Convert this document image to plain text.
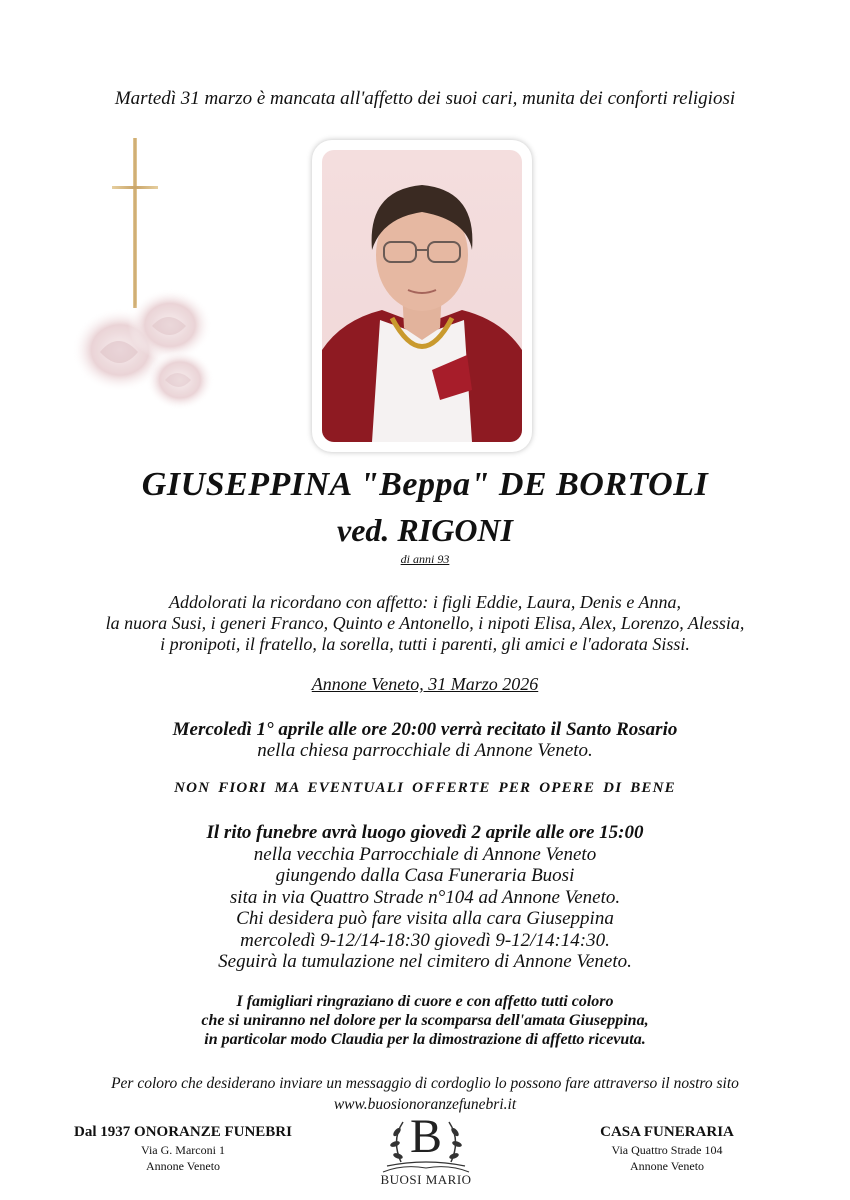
Martedì 31 marzo è mancata all'affetto dei suoi cari, munita dei conforti religiosi
GIUSEPPINA "Beppa" DE BORTOLI
ved. RIGONI
di anni 93
Addolorati la ricordano con affetto: i figli Eddie, Laura, Denis e Anna,
la nuora Susi, i generi Franco, Quinto e Antonello, i nipoti Elisa, Alex, Lorenzo, Alessia,
i pronipoti, il fratello, la sorella, tutti i parenti, gli amici e l'adorata Sissi.
Annone Veneto, 31 Marzo 2026
Mercoledì 1° aprile alle ore 20:00 verrà recitato il Santo Rosario
nella chiesa parrocchiale di Annone Veneto.
NON FIORI MA EVENTUALI OFFERTE PER OPERE DI BENE
Il rito funebre avrà luogo giovedì 2 aprile alle ore 15:00
nella vecchia Parrocchiale di Annone Veneto
giungendo dalla Casa Funeraria Buosi
sita in via Quattro Strade n°104 ad Annone Veneto.
Chi desidera può fare visita alla cara Giuseppina
mercoledì 9-12/14-18:30 giovedì 9-12/14:14:30.
Seguirà la tumulazione nel cimitero di Annone Veneto.
I famigliari ringraziano di cuore e con affetto tutti coloro
che si uniranno nel dolore per la scomparsa dell'amata Giuseppina,
in particolar modo Claudia per la dimostrazione di affetto ricevuta.
Per coloro che desiderano inviare un messaggio di cordoglio lo possono fare attraverso il nostro sito
www.buosionoranzefunebri.it
Dal 1937 ONORANZE FUNEBRI
Via G. Marconi 1
Annone Veneto
B
BUOSI MARIO
CASA FUNERARIA
Via Quattro Strade 104
Annone Veneto
